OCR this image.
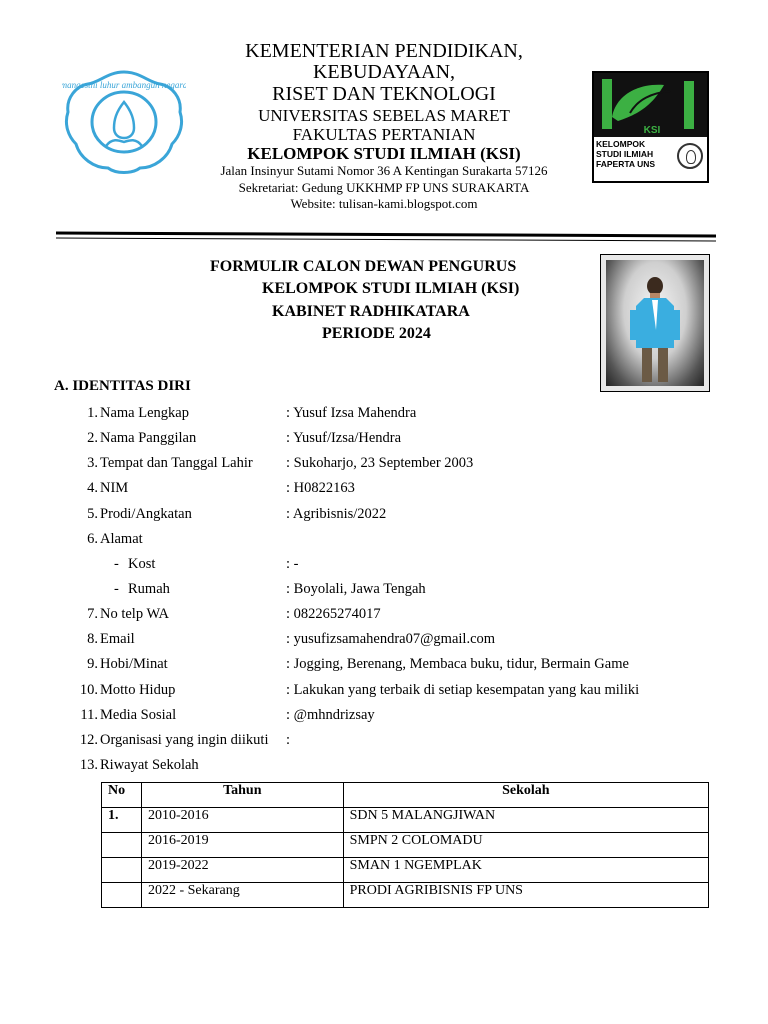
mangesthi luhur ambangun negara
KEMENTERIAN PENDIDIKAN,
KEBUDAYAAN,
RISET DAN TEKNOLOGI
UNIVERSITAS SEBELAS MARET
FAKULTAS PERTANIAN
KELOMPOK STUDI ILMIAH (KSI)
Jalan Insinyur Sutami Nomor 36 A Kentingan Surakarta 57126
Sekretariat: Gedung UKKHMP FP UNS SURAKARTA
Website: tulisan-kami.blogspot.com
KSI
KELOMPOK
STUDI ILMIAH
FAPERTA UNS
FORMULIR CALON DEWAN PENGURUS
KELOMPOK STUDI ILMIAH (KSI)
KABINET RADHIKATARA
PERIODE 2024
A. IDENTITAS DIRI
1. Nama Lengkap	: Yusuf Izsa Mahendra
2. Nama Panggilan	: Yusuf/Izsa/Hendra
3. Tempat dan Tanggal Lahir : Sukoharjo, 23 September 2003
4. NIM	: H0822163
5. Prodi/Angkatan	: Agribisnis/2022
6. Alamat
- Kost	: -
- Rumah	: Boyolali, Jawa Tengah
7. No telp WA	: 082265274017
8. Email	: yusufizsamahendra07@gmail.com
9. Hobi/Minat	: Jogging, Berenang, Membaca buku, tidur, Bermain Game
10. Motto Hidup	: Lakukan yang terbaik di setiap kesempatan yang kau miliki
11. Media Sosial	: @mhndrizsay
12. Organisasi yang ingin diikuti :
13. Riwayat Sekolah
No	Tahun	Sekolah
1.	2010-2016	SDN 5 MALANGJIWAN
	2016-2019	SMPN 2 COLOMADU
	2019-2022	SMAN 1 NGEMPLAK
	2022 - Sekarang	PRODI AGRIBISNIS FP UNS
